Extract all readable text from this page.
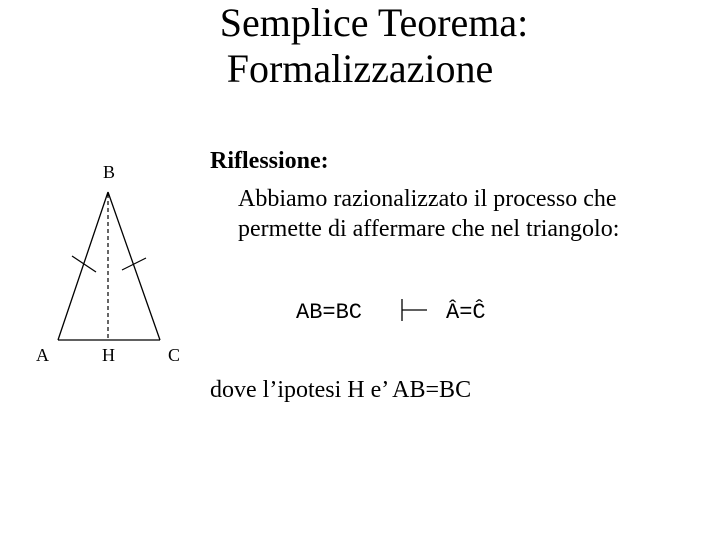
Semplice Teorema:
Formalizzazione
B
A	H	C
Riflessione:
Abbiamo razionalizzato il processo che permette di affermare che nel triangolo:
AB=BC	Â=Ĉ
dove l’ipotesi H e’ AB=BC
